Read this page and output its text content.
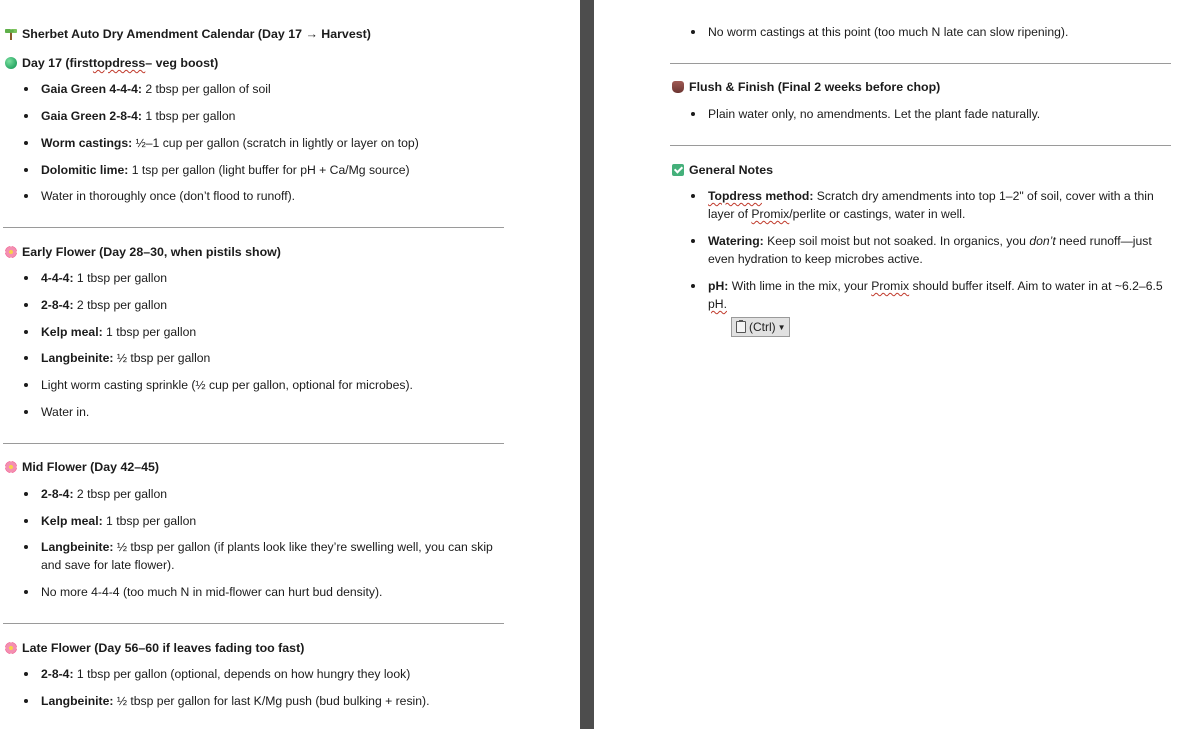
Sherbet Auto Dry Amendment Calendar (Day 17 → Harvest)
Day 17 (first topdress – veg boost)
Gaia Green 4-4-4: 2 tbsp per gallon of soil
Gaia Green 2-8-4: 1 tbsp per gallon
Worm castings: ½–1 cup per gallon (scratch in lightly or layer on top)
Dolomitic lime: 1 tsp per gallon (light buffer for pH + Ca/Mg source)
Water in thoroughly once (don’t flood to runoff).
Early Flower (Day 28–30, when pistils show)
4-4-4: 1 tbsp per gallon
2-8-4: 2 tbsp per gallon
Kelp meal: 1 tbsp per gallon
Langbeinite: ½ tbsp per gallon
Light worm casting sprinkle (½ cup per gallon, optional for microbes).
Water in.
Mid Flower (Day 42–45)
2-8-4: 2 tbsp per gallon
Kelp meal: 1 tbsp per gallon
Langbeinite: ½ tbsp per gallon (if plants look like they’re swelling well, you can skip and save for late flower).
No more 4-4-4 (too much N in mid-flower can hurt bud density).
Late Flower (Day 56–60 if leaves fading too fast)
2-8-4: 1 tbsp per gallon (optional, depends on how hungry they look)
Langbeinite: ½ tbsp per gallon for last K/Mg push (bud bulking + resin).
No worm castings at this point (too much N late can slow ripening).
Flush & Finish (Final 2 weeks before chop)
Plain water only, no amendments. Let the plant fade naturally.
General Notes
Topdress method: Scratch dry amendments into top 1–2" of soil, cover with a thin layer of Promix/perlite or castings, water in well.
Watering: Keep soil moist but not soaked. In organics, you don’t need runoff—just even hydration to keep microbes active.
pH: With lime in the mix, your Promix should buffer itself. Aim to water in at ~6.2–6.5 pH.
(Ctrl) ▼
